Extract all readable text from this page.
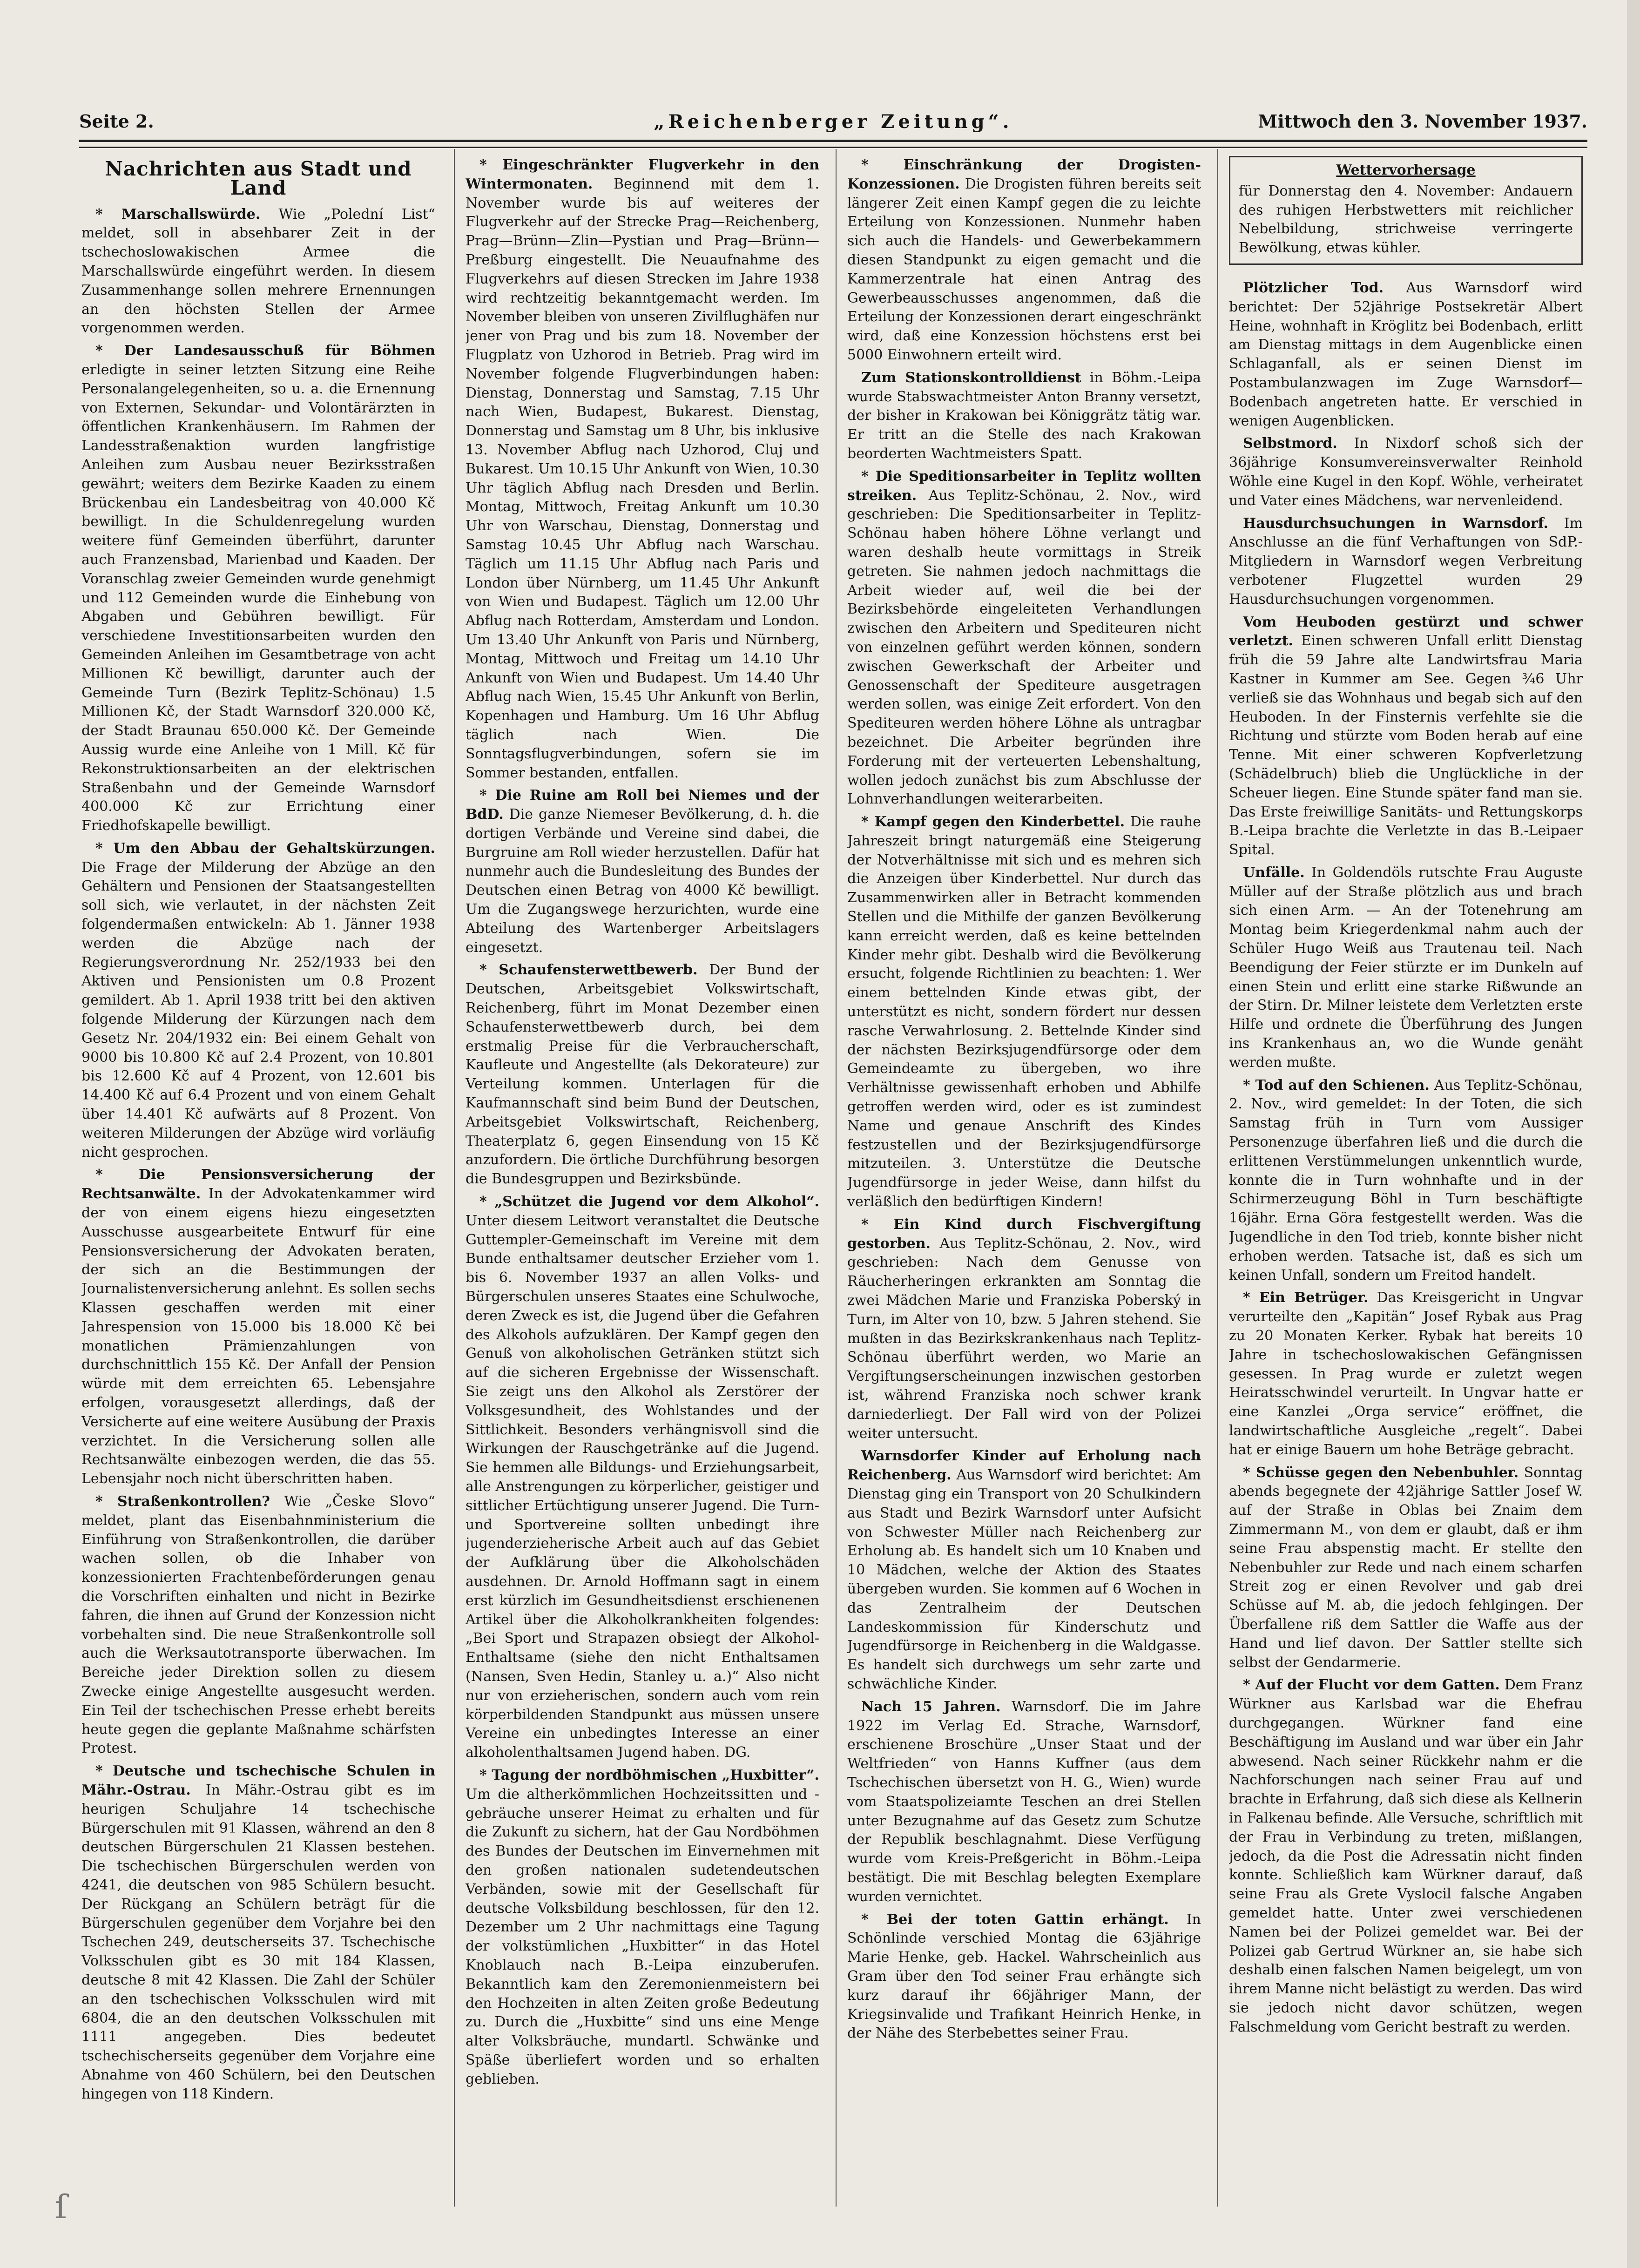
Seite 2.	„Reichenberger Zeitung“.	Mittwoch den 3. November 1937.
Nachrichten aus Stadt und Land

* Marschallswürde. Wie „Polední List“ meldet, soll in absehbarer Zeit in der tschechoslowakischen Armee die Marschallswürde eingeführt werden. In diesem Zusammenhange sollen mehrere Ernennungen an den höchsten Stellen der Armee vorgenommen werden.

* Der Landesausschuß für Böhmen erledigte in seiner letzten Sitzung eine Reihe Personalangelegenheiten, so u. a. die Ernennung von Externen, Sekundar- und Volontärärzten in öffentlichen Krankenhäusern. Im Rahmen der Landesstraßenaktion wurden langfristige Anleihen zum Ausbau neuer Bezirksstraßen gewährt; weiters dem Bezirke Kaaden zu einem Brückenbau ein Landesbeitrag von 40.000 Kč bewilligt. In die Schuldenregelung wurden weitere fünf Gemeinden überführt, darunter auch Franzensbad, Marienbad und Kaaden. Der Voranschlag zweier Gemeinden wurde genehmigt und 112 Gemeinden wurde die Einhebung von Abgaben und Gebühren bewilligt. Für verschiedene Investitionsarbeiten wurden den Gemeinden Anleihen im Gesamtbetrage von acht Millionen Kč bewilligt, darunter auch der Gemeinde Turn (Bezirk Teplitz-Schönau) 1.5 Millionen Kč, der Stadt Warnsdorf 320.000 Kč, der Stadt Braunau 650.000 Kč. Der Gemeinde Aussig wurde eine Anleihe von 1 Mill. Kč für Rekonstruktionsarbeiten an der elektrischen Straßenbahn und der Gemeinde Warnsdorf 400.000 Kč zur Errichtung einer Friedhofskapelle bewilligt.

* Um den Abbau der Gehaltskürzungen. Die Frage der Milderung der Abzüge an den Gehältern und Pensionen der Staatsangestellten soll sich, wie verlautet, in der nächsten Zeit folgendermaßen entwickeln: Ab 1. Jänner 1938 werden die Abzüge nach der Regierungsverordnung Nr. 252/1933 bei den Aktiven und Pensionisten um 0.8 Prozent gemildert. Ab 1. April 1938 tritt bei den aktiven folgende Milderung der Kürzungen nach dem Gesetz Nr. 204/1932 ein: Bei einem Gehalt von 9000 bis 10.800 Kč auf 2.4 Prozent, von 10.801 bis 12.600 Kč auf 4 Prozent, von 12.601 bis 14.400 Kč auf 6.4 Prozent und von einem Gehalt über 14.401 Kč aufwärts auf 8 Prozent. Von weiteren Milderungen der Abzüge wird vorläufig nicht gesprochen.

* Die Pensionsversicherung der Rechtsanwälte. In der Advokatenkammer wird der von einem eigens hiezu eingesetzten Ausschusse ausgearbeitete Entwurf für eine Pensionsversicherung der Advokaten beraten, der sich an die Bestimmungen der Journalistenversicherung anlehnt. Es sollen sechs Klassen geschaffen werden mit einer Jahrespension von 15.000 bis 18.000 Kč bei monatlichen Prämienzahlungen von durchschnittlich 155 Kč. Der Anfall der Pension würde mit dem erreichten 65. Lebensjahre erfolgen, vorausgesetzt allerdings, daß der Versicherte auf eine weitere Ausübung der Praxis verzichtet. In die Versicherung sollen alle Rechtsanwälte einbezogen werden, die das 55. Lebensjahr noch nicht überschritten haben.

* Straßenkontrollen? Wie „Česke Slovo“ meldet, plant das Eisenbahnministerium die Einführung von Straßenkontrollen, die darüber wachen sollen, ob die Inhaber von konzessionierten Frachtenbeförderungen genau die Vorschriften einhalten und nicht in Bezirke fahren, die ihnen auf Grund der Konzession nicht vorbehalten sind. Die neue Straßenkontrolle soll auch die Werksautotransporte überwachen. Im Bereiche jeder Direktion sollen zu diesem Zwecke einige Angestellte ausgesucht werden. Ein Teil der tschechischen Presse erhebt bereits heute gegen die geplante Maßnahme schärfsten Protest.

* Deutsche und tschechische Schulen in Mähr.-Ostrau. In Mähr.-Ostrau gibt es im heurigen Schuljahre 14 tschechische Bürgerschulen mit 91 Klassen, während an den 8 deutschen Bürgerschulen 21 Klassen bestehen. Die tschechischen Bürgerschulen werden von 4241, die deutschen von 985 Schülern besucht. Der Rückgang an Schülern beträgt für die Bürgerschulen gegenüber dem Vorjahre bei den Tschechen 249, deutscherseits 37. Tschechische Volksschulen gibt es 30 mit 184 Klassen, deutsche 8 mit 42 Klassen. Die Zahl der Schüler an den tschechischen Volksschulen wird mit 6804, die an den deutschen Volksschulen mit 1111 angegeben. Dies bedeutet tschechischerseits gegenüber dem Vorjahre eine Abnahme von 460 Schülern, bei den Deutschen hingegen von 118 Kindern.

* Eingeschränkter Flugverkehr in den Wintermonaten. Beginnend mit dem 1. November wurde bis auf weiteres der Flugverkehr auf der Strecke Prag—Reichenberg, Prag—Brünn—Zlin—Pystian und Prag—Brünn—Preßburg eingestellt. Die Neuaufnahme des Flugverkehrs auf diesen Strecken im Jahre 1938 wird rechtzeitig bekanntgemacht werden. Im November bleiben von unseren Zivilflughäfen nur jener von Prag und bis zum 18. November der Flugplatz von Uzhorod in Betrieb. Prag wird im November folgende Flugverbindungen haben: Dienstag, Donnerstag und Samstag, 7.15 Uhr nach Wien, Budapest, Bukarest. Dienstag, Donnerstag und Samstag um 8 Uhr, bis inklusive 13. November Abflug nach Uzhorod, Cluj und Bukarest. Um 10.15 Uhr Ankunft von Wien, 10.30 Uhr täglich Abflug nach Dresden und Berlin. Montag, Mittwoch, Freitag Ankunft um 10.30 Uhr von Warschau, Dienstag, Donnerstag und Samstag 10.45 Uhr Abflug nach Warschau. Täglich um 11.15 Uhr Abflug nach Paris und London über Nürnberg, um 11.45 Uhr Ankunft von Wien und Budapest. Täglich um 12.00 Uhr Abflug nach Rotterdam, Amsterdam und London. Um 13.40 Uhr Ankunft von Paris und Nürnberg, Montag, Mittwoch und Freitag um 14.10 Uhr Ankunft von Wien und Budapest. Um 14.40 Uhr Abflug nach Wien, 15.45 Uhr Ankunft von Berlin, Kopenhagen und Hamburg. Um 16 Uhr Abflug täglich nach Wien. Die Sonntagsflugverbindungen, sofern sie im Sommer bestanden, entfallen.

* Die Ruine am Roll bei Niemes und der BdD. Die ganze Niemeser Bevölkerung, d. h. die dortigen Verbände und Vereine sind dabei, die Burgruine am Roll wieder herzustellen. Dafür hat nunmehr auch die Bundesleitung des Bundes der Deutschen einen Betrag von 4000 Kč bewilligt. Um die Zugangswege herzurichten, wurde eine Abteilung des Wartenberger Arbeitslagers eingesetzt.

* Schaufensterwettbewerb. Der Bund der Deutschen, Arbeitsgebiet Volkswirtschaft, Reichenberg, führt im Monat Dezember einen Schaufensterwettbewerb durch, bei dem erstmalig Preise für die Verbraucherschaft, Kaufleute und Angestellte (als Dekorateure) zur Verteilung kommen. Unterlagen für die Kaufmannschaft sind beim Bund der Deutschen, Arbeitsgebiet Volkswirtschaft, Reichenberg, Theaterplatz 6, gegen Einsendung von 15 Kč anzufordern. Die örtliche Durchführung besorgen die Bundesgruppen und Bezirksbünde.

* „Schützet die Jugend vor dem Alkohol“. Unter diesem Leitwort veranstaltet die Deutsche Guttempler-Gemeinschaft im Vereine mit dem Bunde enthaltsamer deutscher Erzieher vom 1. bis 6. November 1937 an allen Volks- und Bürgerschulen unseres Staates eine Schulwoche, deren Zweck es ist, die Jugend über die Gefahren des Alkohols aufzuklären. Der Kampf gegen den Genuß von alkoholischen Getränken stützt sich auf die sicheren Ergebnisse der Wissenschaft. Sie zeigt uns den Alkohol als Zerstörer der Volksgesundheit, des Wohlstandes und der Sittlichkeit. Besonders verhängnisvoll sind die Wirkungen der Rauschgetränke auf die Jugend. Sie hemmen alle Bildungs- und Erziehungsarbeit, alle Anstrengungen zu körperlicher, geistiger und sittlicher Ertüchtigung unserer Jugend. Die Turn- und Sportvereine sollten unbedingt ihre jugenderzieherische Arbeit auch auf das Gebiet der Aufklärung über die Alkoholschäden ausdehnen. Dr. Arnold Hoffmann sagt in einem erst kürzlich im Gesundheitsdienst erschienenen Artikel über die Alkoholkrankheiten folgendes: „Bei Sport und Strapazen obsiegt der Alkohol-Enthaltsame (siehe den nicht Enthaltsamen (Nansen, Sven Hedin, Stanley u. a.)“ Also nicht nur von erzieherischen, sondern auch vom rein körperbildenden Standpunkt aus müssen unsere Vereine ein unbedingtes Interesse an einer alkoholenthaltsamen Jugend haben. DG.

* Tagung der nordböhmischen „Huxbitter“. Um die altherkömmlichen Hochzeitssitten und -gebräuche unserer Heimat zu erhalten und für die Zukunft zu sichern, hat der Gau Nordböhmen des Bundes der Deutschen im Einvernehmen mit den großen nationalen sudetendeutschen Verbänden, sowie mit der Gesellschaft für deutsche Volksbildung beschlossen, für den 12. Dezember um 2 Uhr nachmittags eine Tagung der volkstümlichen „Huxbitter“ in das Hotel Knoblauch nach B.-Leipa einzuberufen. Bekanntlich kam den Zeremonienmeistern bei den Hochzeiten in alten Zeiten große Bedeutung zu. Durch die „Huxbitte“ sind uns eine Menge alter Volksbräuche, mundartl. Schwänke und Späße überliefert worden und so erhalten geblieben.

* Einschränkung der Drogisten-Konzessionen. Die Drogisten führen bereits seit längerer Zeit einen Kampf gegen die zu leichte Erteilung von Konzessionen. Nunmehr haben sich auch die Handels- und Gewerbekammern diesen Standpunkt zu eigen gemacht und die Kammerzentrale hat einen Antrag des Gewerbeausschusses angenommen, daß die Erteilung der Konzessionen derart eingeschränkt wird, daß eine Konzession höchstens erst bei 5000 Einwohnern erteilt wird.

Zum Stationskontrolldienst in Böhm.-Leipa wurde Stabswachtmeister Anton Branny versetzt, der bisher in Krakowan bei Königgrätz tätig war. Er tritt an die Stelle des nach Krakowan beorderten Wachtmeisters Spatt.

* Die Speditionsarbeiter in Teplitz wollten streiken. Aus Teplitz-Schönau, 2. Nov., wird geschrieben: Die Speditionsarbeiter in Teplitz-Schönau haben höhere Löhne verlangt und waren deshalb heute vormittags in Streik getreten. Sie nahmen jedoch nachmittags die Arbeit wieder auf, weil die bei der Bezirksbehörde eingeleiteten Verhandlungen zwischen den Arbeitern und Spediteuren nicht von einzelnen geführt werden können, sondern zwischen Gewerkschaft der Arbeiter und Genossenschaft der Spediteure ausgetragen werden sollen, was einige Zeit erfordert. Von den Spediteuren werden höhere Löhne als untragbar bezeichnet. Die Arbeiter begründen ihre Forderung mit der verteuerten Lebenshaltung, wollen jedoch zunächst bis zum Abschlusse der Lohnverhandlungen weiterarbeiten.

* Kampf gegen den Kinderbettel. Die rauhe Jahreszeit bringt naturgemäß eine Steigerung der Notverhältnisse mit sich und es mehren sich die Anzeigen über Kinderbettel. Nur durch das Zusammenwirken aller in Betracht kommenden Stellen und die Mithilfe der ganzen Bevölkerung kann erreicht werden, daß es keine bettelnden Kinder mehr gibt. Deshalb wird die Bevölkerung ersucht, folgende Richtlinien zu beachten: 1. Wer einem bettelnden Kinde etwas gibt, der unterstützt es nicht, sondern fördert nur dessen rasche Verwahrlosung. 2. Bettelnde Kinder sind der nächsten Bezirksjugendfürsorge oder dem Gemeindeamte zu übergeben, wo ihre Verhältnisse gewissenhaft erhoben und Abhilfe getroffen werden wird, oder es ist zumindest Name und genaue Anschrift des Kindes festzustellen und der Bezirksjugendfürsorge mitzuteilen. 3. Unterstütze die Deutsche Jugendfürsorge in jeder Weise, dann hilfst du verläßlich den bedürftigen Kindern!

* Ein Kind durch Fischvergiftung gestorben. Aus Teplitz-Schönau, 2. Nov., wird geschrieben: Nach dem Genusse von Räucherheringen erkrankten am Sonntag die zwei Mädchen Marie und Franziska Poberský in Turn, im Alter von 10, bzw. 5 Jahren stehend. Sie mußten in das Bezirkskrankenhaus nach Teplitz-Schönau überführt werden, wo Marie an Vergiftungserscheinungen inzwischen gestorben ist, während Franziska noch schwer krank darniederliegt. Der Fall wird von der Polizei weiter untersucht.

Warnsdorfer Kinder auf Erholung nach Reichenberg. Aus Warnsdorf wird berichtet: Am Dienstag ging ein Transport von 20 Schulkindern aus Stadt und Bezirk Warnsdorf unter Aufsicht von Schwester Müller nach Reichenberg zur Erholung ab. Es handelt sich um 10 Knaben und 10 Mädchen, welche der Aktion des Staates übergeben wurden. Sie kommen auf 6 Wochen in das Zentralheim der Deutschen Landeskommission für Kinderschutz und Jugendfürsorge in Reichenberg in die Waldgasse. Es handelt sich durchwegs um sehr zarte und schwächliche Kinder.

Nach 15 Jahren. Warnsdorf. Die im Jahre 1922 im Verlag Ed. Strache, Warnsdorf, erschienene Broschüre „Unser Staat und der Weltfrieden“ von Hanns Kuffner (aus dem Tschechischen übersetzt von H. G., Wien) wurde vom Staatspolizeiamte Teschen an drei Stellen unter Bezugnahme auf das Gesetz zum Schutze der Republik beschlagnahmt. Diese Verfügung wurde vom Kreis-Preßgericht in Böhm.-Leipa bestätigt. Die mit Beschlag belegten Exemplare wurden vernichtet.

* Bei der toten Gattin erhängt. In Schönlinde verschied Montag die 63jährige Marie Henke, geb. Hackel. Wahrscheinlich aus Gram über den Tod seiner Frau erhängte sich kurz darauf ihr 66jähriger Mann, der Kriegsinvalide und Trafikant Heinrich Henke, in der Nähe des Sterbebettes seiner Frau.

Wettervorhersage
für Donnerstag den 4. November: Andauern des ruhigen Herbstwetters mit reichlicher Nebelbildung, strichweise verringerte Bewölkung, etwas kühler.

Plötzlicher Tod. Aus Warnsdorf wird berichtet: Der 52jährige Postsekretär Albert Heine, wohnhaft in Kröglitz bei Bodenbach, erlitt am Dienstag mittags in dem Augenblicke einen Schlaganfall, als er seinen Dienst im Postambulanzwagen im Zuge Warnsdorf—Bodenbach angetreten hatte. Er verschied in wenigen Augenblicken.

Selbstmord. In Nixdorf schoß sich der 36jährige Konsumvereinsverwalter Reinhold Wöhle eine Kugel in den Kopf. Wöhle, verheiratet und Vater eines Mädchens, war nervenleidend.

Hausdurchsuchungen in Warnsdorf. Im Anschlusse an die fünf Verhaftungen von SdP.-Mitgliedern in Warnsdorf wegen Verbreitung verbotener Flugzettel wurden 29 Hausdurchsuchungen vorgenommen.

Vom Heuboden gestürzt und schwer verletzt. Einen schweren Unfall erlitt Dienstag früh die 59 Jahre alte Landwirtsfrau Maria Kastner in Kummer am See. Gegen ¾6 Uhr verließ sie das Wohnhaus und begab sich auf den Heuboden. In der Finsternis verfehlte sie die Richtung und stürzte vom Boden herab auf eine Tenne. Mit einer schweren Kopfverletzung (Schädelbruch) blieb die Unglückliche in der Scheuer liegen. Eine Stunde später fand man sie. Das Erste freiwillige Sanitäts- und Rettungskorps B.-Leipa brachte die Verletzte in das B.-Leipaer Spital.

Unfälle. In Goldendöls rutschte Frau Auguste Müller auf der Straße plötzlich aus und brach sich einen Arm. — An der Totenehrung am Montag beim Kriegerdenkmal nahm auch der Schüler Hugo Weiß aus Trautenau teil. Nach Beendigung der Feier stürzte er im Dunkeln auf einen Stein und erlitt eine starke Rißwunde an der Stirn. Dr. Milner leistete dem Verletzten erste Hilfe und ordnete die Überführung des Jungen ins Krankenhaus an, wo die Wunde genäht werden mußte.

* Tod auf den Schienen. Aus Teplitz-Schönau, 2. Nov., wird gemeldet: In der Toten, die sich Samstag früh in Turn vom Aussiger Personenzuge überfahren ließ und die durch die erlittenen Verstümmelungen unkenntlich wurde, konnte die in Turn wohnhafte und in der Schirmerzeugung Böhl in Turn beschäftigte 16jähr. Erna Göra festgestellt werden. Was die Jugendliche in den Tod trieb, konnte bisher nicht erhoben werden. Tatsache ist, daß es sich um keinen Unfall, sondern um Freitod handelt.

* Ein Betrüger. Das Kreisgericht in Ungvar verurteilte den „Kapitän“ Josef Rybak aus Prag zu 20 Monaten Kerker. Rybak hat bereits 10 Jahre in tschechoslowakischen Gefängnissen gesessen. In Prag wurde er zuletzt wegen Heiratsschwindel verurteilt. In Ungvar hatte er eine Kanzlei „Orga service“ eröffnet, die landwirtschaftliche Ausgleiche „regelt“. Dabei hat er einige Bauern um hohe Beträge gebracht.

* Schüsse gegen den Nebenbuhler. Sonntag abends begegnete der 42jährige Sattler Josef W. auf der Straße in Oblas bei Znaim dem Zimmermann M., von dem er glaubt, daß er ihm seine Frau abspenstig macht. Er stellte den Nebenbuhler zur Rede und nach einem scharfen Streit zog er einen Revolver und gab drei Schüsse auf M. ab, die jedoch fehlgingen. Der Überfallene riß dem Sattler die Waffe aus der Hand und lief davon. Der Sattler stellte sich selbst der Gendarmerie.

* Auf der Flucht vor dem Gatten. Dem Franz Würkner aus Karlsbad war die Ehefrau durchgegangen. Würkner fand eine Beschäftigung im Ausland und war über ein Jahr abwesend. Nach seiner Rückkehr nahm er die Nachforschungen nach seiner Frau auf und brachte in Erfahrung, daß sich diese als Kellnerin in Falkenau befinde. Alle Versuche, schriftlich mit der Frau in Verbindung zu treten, mißlangen, jedoch, da die Post die Adressatin nicht finden konnte. Schließlich kam Würkner darauf, daß seine Frau als Grete Vyslocil falsche Angaben gemeldet hatte. Unter zwei verschiedenen Namen bei der Polizei gemeldet war. Bei der Polizei gab Gertrud Würkner an, sie habe sich deshalb einen falschen Namen beigelegt, um von ihrem Manne nicht belästigt zu werden. Das wird sie jedoch nicht davor schützen, wegen Falschmeldung vom Gericht bestraft zu werden.

ſ
